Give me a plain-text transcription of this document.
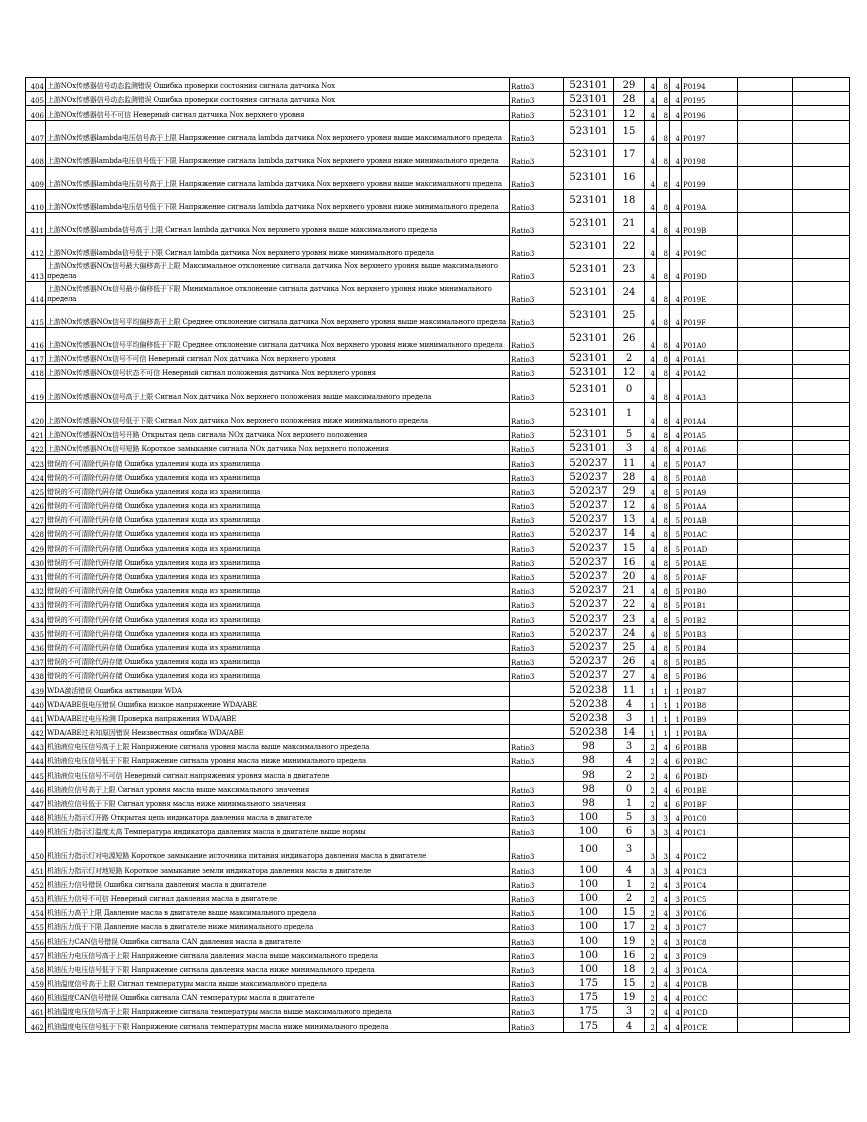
404	上游NOx传感器信号动态监测错误 Ошибка проверки состояния сигнала датчика Nox	Ratio3	523101	29	4	8	4	P0194		
405	上游NOx传感器信号动态监测错误 Ошибка проверки состояния сигнала датчика Nox	Ratio3	523101	28	4	8	4	P0195		
406	上游NOx传感器信号不可信 Неверный сигнал датчика Nox верхнего уровня	Ratio3	523101	12	4	8	4	P0196		
407	上游NOx传感器lambda电压信号高于上限 Напряжение сигнала lambda датчика Nox верхнего уровня выше максимального предела	Ratio3	523101	15	4	8	4	P0197		
408	上游NOx传感器lambda电压信号低于下限 Напряжение сигнала lambda датчика Nox верхнего уровня ниже минимального предела	Ratio3	523101	17	4	8	4	P0198		
409	上游NOx传感器lambda电压信号高于上限 Напряжение сигнала lambda датчика Nox верхнего уровня выше максимального предела	Ratio3	523101	16	4	8	4	P0199		
410	上游NOx传感器lambda电压信号低于下限 Напряжение сигнала lambda датчика Nox верхнего уровня ниже минимального предела	Ratio3	523101	18	4	8	4	P019A		
411	上游NOx传感器lambda信号高于上限 Сигнал lambda датчика Nox верхнего уровня выше максимального предела	Ratio3	523101	21	4	8	4	P019B		
412	上游NOx传感器lambda信号低于下限 Сигнал lambda датчика Nox верхнего уровня ниже минимального предела	Ratio3	523101	22	4	8	4	P019C		
413	上游NOx传感器NOx信号最大偏移高于上限 Максимальное отклонение сигнала датчика Nox верхнего уровня выше максимального предела	Ratio3	523101	23	4	8	4	P019D		
414	上游NOx传感器NOx信号最小偏移低于下限 Минимальное отклонение сигнала датчика Nox верхнего уровня ниже минимального предела	Ratio3	523101	24	4	8	4	P019E		
415	上游NOx传感器NOx信号平均偏移高于上限 Среднее отклонение сигнала датчика Nox верхнего уровня выше максимального предела	Ratio3	523101	25	4	8	4	P019F		
416	上游NOx传感器NOx信号平均偏移低于下限 Среднее отклонение сигнала датчика Nox верхнего уровня ниже минимального предела	Ratio3	523101	26	4	8	4	P01A0		
417	上游NOx传感器NOx信号不可信 Неверный сигнал Nox датчика Nox верхнего уровня	Ratio3	523101	2	4	8	4	P01A1		
418	上游NOx传感器NOx信号状态不可信 Неверный сигнал положения датчика Nox верхнего уровня	Ratio3	523101	12	4	8	4	P01A2		
419	上游NOx传感器NOx信号高于上限 Сигнал Nox датчика Nox верхнего положения выше максимального предела	Ratio3	523101	0	4	8	4	P01A3		
420	上游NOx传感器NOx信号低于下限 Сигнал Nox датчика Nox верхнего положения ниже минимального предела	Ratio3	523101	1	4	8	4	P01A4		
421	上游NOx传感器NOx信号开路 Открытая цепь сигнала NOx датчика Nox верхнего положения	Ratio3	523101	5	4	8	4	P01A5		
422	上游NOx传感器NOx信号短路 Короткое замыкание сигнала NOx датчика Nox верхнего положения	Ratio3	523101	3	4	8	4	P01A6		
423	错误的不可清除代码存储 Ошибка удаления кода из хранилища	Ratio3	520237	11	4	8	5	P01A7		
424	错误的不可清除代码存储 Ошибка удаления кода из хранилища	Ratio3	520237	28	4	8	5	P01A8		
425	错误的不可清除代码存储 Ошибка удаления кода из хранилища	Ratio3	520237	29	4	8	5	P01A9		
426	错误的不可清除代码存储 Ошибка удаления кода из хранилища	Ratio3	520237	12	4	8	5	P01AA		
427	错误的不可清除代码存储 Ошибка удаления кода из хранилища	Ratio3	520237	13	4	8	5	P01AB		
428	错误的不可清除代码存储 Ошибка удаления кода из хранилища	Ratio3	520237	14	4	8	5	P01AC		
429	错误的不可清除代码存储 Ошибка удаления кода из хранилища	Ratio3	520237	15	4	8	5	P01AD		
430	错误的不可清除代码存储 Ошибка удаления кода из хранилища	Ratio3	520237	16	4	8	5	P01AE		
431	错误的不可清除代码存储 Ошибка удаления кода из хранилища	Ratio3	520237	20	4	8	5	P01AF		
432	错误的不可清除代码存储 Ошибка удаления кода из хранилища	Ratio3	520237	21	4	8	5	P01B0		
433	错误的不可清除代码存储 Ошибка удаления кода из хранилища	Ratio3	520237	22	4	8	5	P01B1		
434	错误的不可清除代码存储 Ошибка удаления кода из хранилища	Ratio3	520237	23	4	8	5	P01B2		
435	错误的不可清除代码存储 Ошибка удаления кода из хранилища	Ratio3	520237	24	4	8	5	P01B3		
436	错误的不可清除代码存储 Ошибка удаления кода из хранилища	Ratio3	520237	25	4	8	5	P01B4		
437	错误的不可清除代码存储 Ошибка удаления кода из хранилища	Ratio3	520237	26	4	8	5	P01B5		
438	错误的不可清除代码存储 Ошибка удаления кода из хранилища	Ratio3	520237	27	4	8	5	P01B6		
439	WDA激活错误 Ошибка активации WDA		520238	11	1	1	1	P01B7		
440	WDA/ABE低电压错误 Ошибка низкое напряжение WDA/ABE		520238	4	1	1	1	P01B8		
441	WDA/ABE过电压检测 Проверка напряжения WDA/ABE		520238	3	1	1	1	P01B9		
442	WDA/ABE过未知原因错误 Неизвестная ошибка WDA/ABE		520238	14	1	1	1	P01BA		
443	机油液位电压信号高于上限 Напряжение сигнала уровня масла выше максимального предела	Ratio3	98	3	2	4	6	P01BB		
444	机油液位电压信号低于下限 Напряжение сигнала уровня масла ниже минимального предела	Ratio3	98	4	2	4	6	P01BC		
445	机油液位电压信号不可信 Неверный сигнал напряжения уровня масла в двигателе		98	2	2	4	6	P01BD		
446	机油液位信号高于上限 Сигнал уровня масла выше максимального значения	Ratio3	98	0	2	4	6	P01BE		
447	机油液位信号低于下限 Сигнал уровня масла ниже минимального значения	Ratio3	98	1	2	4	6	P01BF		
448	机油压力指示灯开路 Открытая цепь индикатора давления масла в двигателе	Ratio3	100	5	3	3	4	P01C0		
449	机油压力指示灯温度太高 Температура индикатора давления масла в двигателе выше нормы	Ratio3	100	6	3	3	4	P01C1		
450	机油压力指示灯对电源短路 Короткое замыкание источника питания индикатора давления масла в двигателе	Ratio3	100	3	3	3	4	P01C2		
451	机油压力指示灯对地短路 Короткое замыкание земли индикатора давления масла в двигателе	Ratio3	100	4	3	3	4	P01C3		
452	机油压力信号错误 Ошибка сигнала давления масла в двигателе	Ratio3	100	1	2	4	3	P01C4		
453	机油压力信号不可信 Неверный сигнал давления масла в двигателе	Ratio3	100	2	2	4	3	P01C5		
454	机油压力高于上限 Давление масла в двигателе выше максимального предела	Ratio3	100	15	2	4	3	P01C6		
455	机油压力低于下限 Давление масла в двигателе ниже минимального предела	Ratio3	100	17	2	4	3	P01C7		
456	机油压力CAN信号错误 Ошибка сигнала CAN давления масла в двигателе	Ratio3	100	19	2	4	3	P01C8		
457	机油压力电压信号高于上限 Напряжение сигнала давления масла выше максимального предела	Ratio3	100	16	2	4	3	P01C9		
458	机油压力电压信号低于下限 Напряжение сигнала давления масла ниже минимального предела	Ratio3	100	18	2	4	3	P01CA		
459	机油温度信号高于上限 Сигнал температуры масла выше максимального предела	Ratio3	175	15	2	4	4	P01CB		
460	机油温度CAN信号错误 Ошибка сигнала CAN температуры масла в двигателе	Ratio3	175	19	2	4	4	P01CC		
461	机油温度电压信号高于上限 Напряжение сигнала температуры масла выше максимального предела	Ratio3	175	3	2	4	4	P01CD		
462	机油温度电压信号低于下限 Напряжение сигнала температуры масла ниже минимального предела	Ratio3	175	4	2	4	4	P01CE		
